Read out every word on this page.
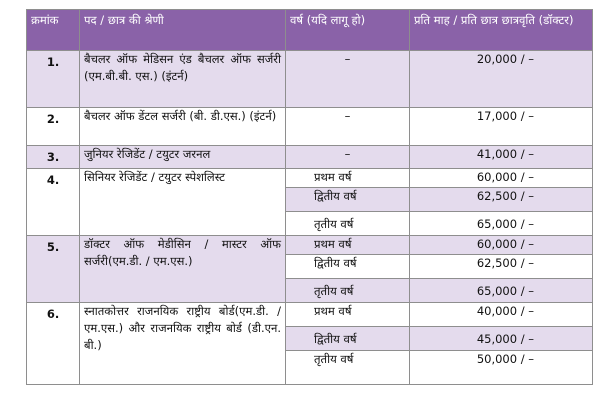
क्रमांक	पद / छात्र की श्रेणी	वर्ष (यदि लागू हो)	प्रति माह / प्रति छात्र छात्रवृति (डॉक्टर)
1.	बैचलर ऑफ मेडिसन एंड बैचलर ऑफ सर्जरी (एम.बी.बी. एस.) (इंटर्न)	–	20,000 / –
2.	बैचलर ऑफ डेंटल सर्जरी (बी. डी.एस.) (इंटर्न)	–	17,000 / –
3.	जुनियर रेजिडेंट / टयुटर जरनल	–	41,000 / –
4.	सिनियर रेजिडेंट / टयुटर स्पेशलिस्ट	प्रथम वर्ष	60,000 / –
		द्वितीय वर्ष	62,500 / –
		तृतीय वर्ष	65,000 / –
5.	डॉक्टर ऑफ मेडीसिन / मास्टर ऑफ सर्जरी(एम.डी. / एम.एस.)	प्रथम वर्ष	60,000 / –
		द्वितीय वर्ष	62,500 / –
		तृतीय वर्ष	65,000 / –
6.	स्नातकोत्तर राजनयिक राष्ट्रीय बोर्ड(एम.डी. / एम.एस.) और राजनयिक राष्ट्रीय बोर्ड (डी.एन. बी.)	प्रथम वर्ष	40,000 / –
		द्वितीय वर्ष	45,000 / –
		तृतीय वर्ष	50,000 / –
